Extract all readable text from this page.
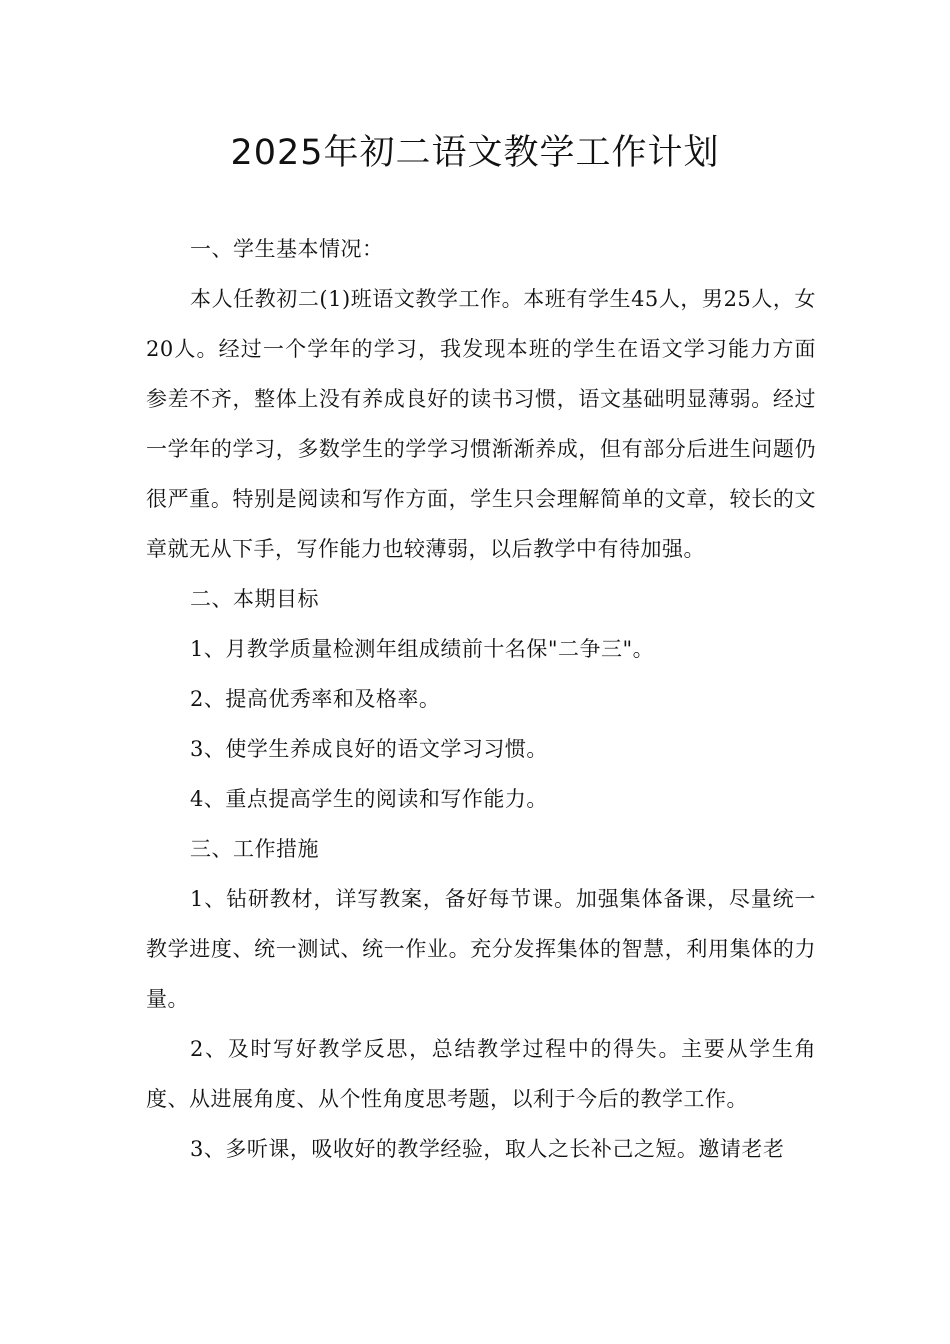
2025年初二语文教学工作计划

一、学生基本情况：

本人任教初二(1)班语文教学工作。本班有学生45人，男25人，女20人。经过一个学年的学习，我发现本班的学生在语文学习能力方面参差不齐，整体上没有养成良好的读书习惯，语文基础明显薄弱。经过一学年的学习，多数学生的学学习惯渐渐养成，但有部分后进生问题仍很严重。特别是阅读和写作方面，学生只会理解简单的文章，较长的文章就无从下手，写作能力也较薄弱，以后教学中有待加强。

二、本期目标

1、月教学质量检测年组成绩前十名保"二争三"。

2、提高优秀率和及格率。

3、使学生养成良好的语文学习习惯。

4、重点提高学生的阅读和写作能力。

三、工作措施

1、钻研教材，详写教案，备好每节课。加强集体备课，尽量统一教学进度、统一测试、统一作业。充分发挥集体的智慧，利用集体的力量。

2、及时写好教学反思，总结教学过程中的得失。主要从学生角度、从进展角度、从个性角度思考题，以利于今后的教学工作。

3、多听课，吸收好的教学经验，取人之长补己之短。邀请老老
